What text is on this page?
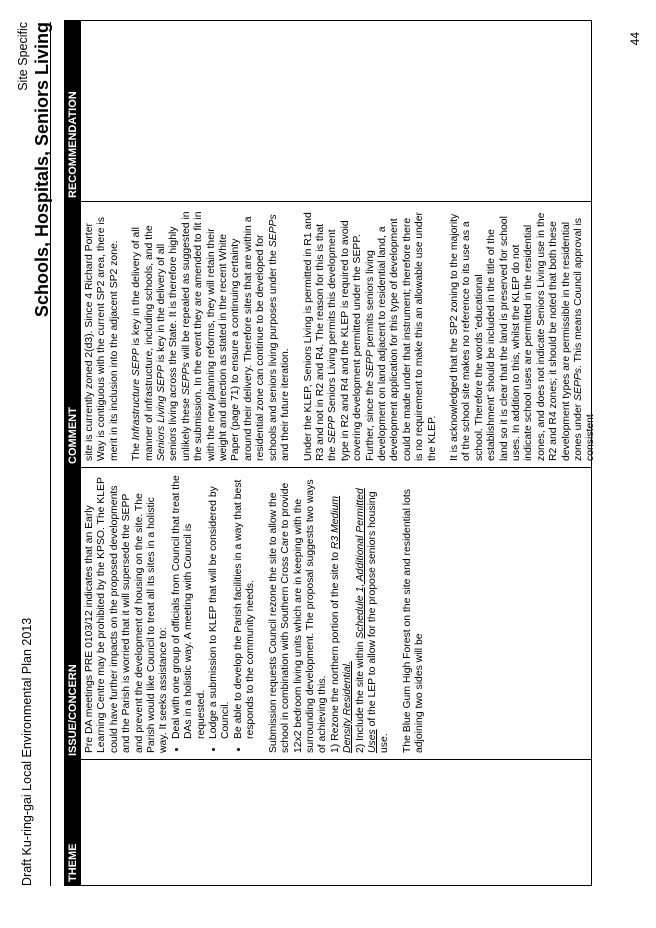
Draft Ku-ring-gai Local Environmental Plan 2013
Site Specific Schools, Hospitals, Seniors Living
THEME
ISSUE/CONCERN Pre DA meetings PRE 0103/12 indicates that an Early Learning Centre may be prohibited by the KPSO. The KLEP could have further impacts on the proposed developments and the Parish is worried that it will supersede the SEPP and prevent the development of housing on the site. The Parish would like Council to treat all its sites in a holistic way. It seeks assistance to: • Deal with one group of officials from Council that treat the DAs in a holistic way. A meeting with Council is requested. • Lodge a submission to KLEP that will be considered by Council. • Be able to develop the Parish facilities in a way that best responds to the community needs. Submission requests Council rezone the site to allow the school in combination with Southern Cross Care to provide 12x2 bedroom living units which are in keeping with the surrounding development. The proposal suggests two ways of achieving this. 1) Rezone the northern portion of the site to R3 Medium Density Residential. 2) Include the site within Schedule 1, Additional Permitted Uses of the LEP to allow for the propose seniors housing use. The Blue Gum High Forest on the site and residential lots adjoining two sides will be

COMMENT site is currently zoned 2(d3). Since 4 Richard Porter Way is contiguous with the current SP2 area, there is merit in its inclusion into the adjacent SP2 zone. The Infrastructure SEPP is key in the delivery of all manner of infrastructure, including schools, and the Seniors Living SEPP is key in the delivery of all seniors living across the State. It is therefore highly unlikely these SEPPs will be repealed as suggested in the submission. In the event they are amended to fit in with the new planning reforms, they will retain their weight and direction as stated in the recent White Paper (page 71) to ensure a continuing certainty around their delivery. Therefore sites that are within a residential zone can continue to be developed for schools and seniors living purposes under the SEPPs and their future iteration. Under the KLEP, Seniors Living is permitted in R1 and R3 and not in R2 and R4. The reason for this is that the SEPP Seniors Living permits this development type in R2 and R4 and the KLEP is required to avoid covering development permitted under the SEPP. Further, since the SEPP permits seniors living development on land adjacent to residential land, a development application for this type of development could be made under that instrument; therefore there is no requirement to make this an allowable use under the KLEP. It is acknowledged that the SP2 zoning to the majority of the school site makes no reference to its use as a school. Therefore the words 'educational establishment' should be included in the title of the land so it is clear that the land is preserved for school uses. In addition to this, whilst the KLEP do not indicate school uses are permitted in the residential zones, and does not indicate Seniors Living use in the R2 and R4 zones; it should be noted that both these development types are permissible in the residential zones under SEPPs. This means Council approval is consistent

RECOMMENDATION
44
